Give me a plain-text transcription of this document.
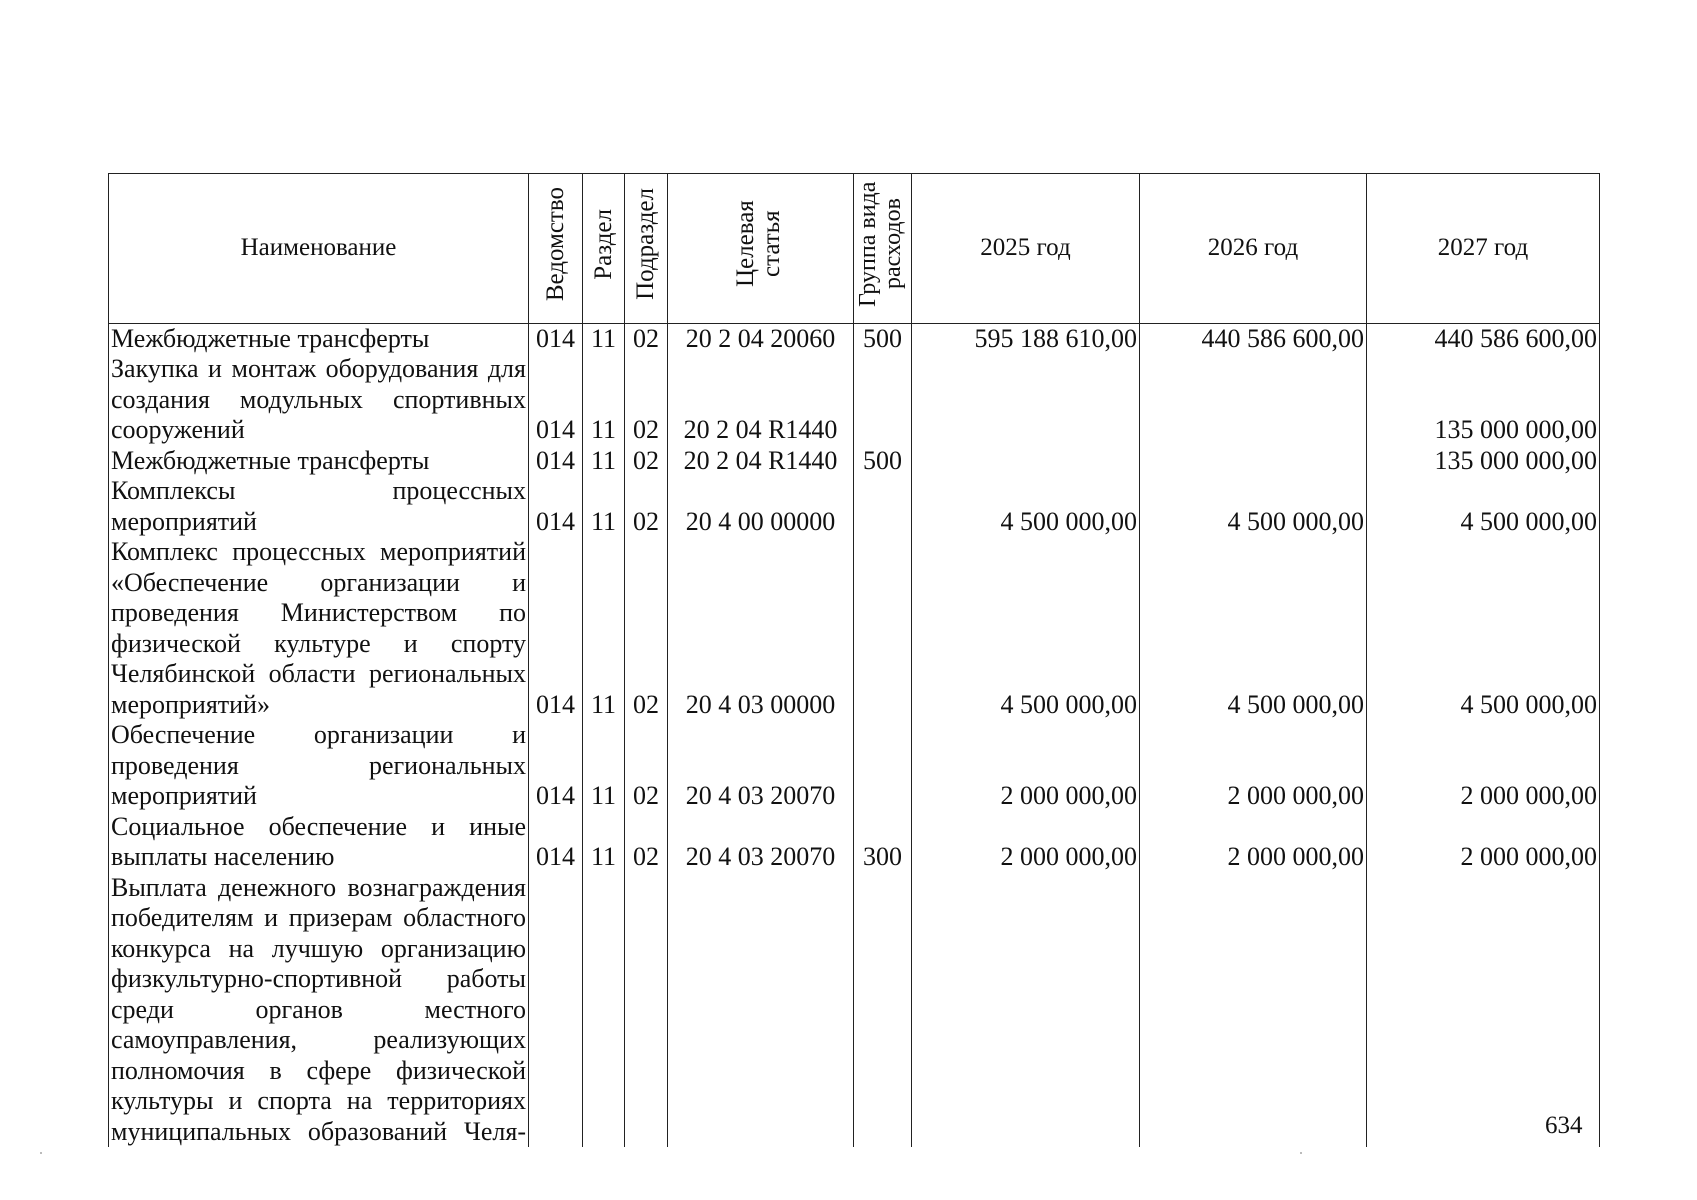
Наименование	Ведомство	Раздел	Подраздел	Целевая статья	Группа вида расходов	2025 год	2026 год	2027 год
Межбюджетные трансферты	014	11	02	20 2 04 20060	500	595 188 610,00	440 586 600,00	440 586 600,00
Закупка и монтаж оборудования для создания модульных спортивных сооружений	014	11	02	20 2 04 R1440				135 000 000,00
Межбюджетные трансферты	014	11	02	20 2 04 R1440	500			135 000 000,00
Комплексы процессных мероприятий	014	11	02	20 4 00 00000		4 500 000,00	4 500 000,00	4 500 000,00
Комплекс процессных мероприятий «Обеспечение организации и проведения Министерством по физической культуре и спорту Челябинской области региональных мероприятий»	014	11	02	20 4 03 00000		4 500 000,00	4 500 000,00	4 500 000,00
Обеспечение организации и проведения региональных мероприятий	014	11	02	20 4 03 20070		2 000 000,00	2 000 000,00	2 000 000,00
Социальное обеспечение и иные выплаты населению	014	11	02	20 4 03 20070	300	2 000 000,00	2 000 000,00	2 000 000,00
Выплата денежного вознаграждения победителям и призерам областного конкурса на лучшую организацию физкультурно-спортивной работы среди органов местного самоуправления, реализующих полномочия в сфере физической культуры и спорта на территориях муниципальных образований Челя-									634
